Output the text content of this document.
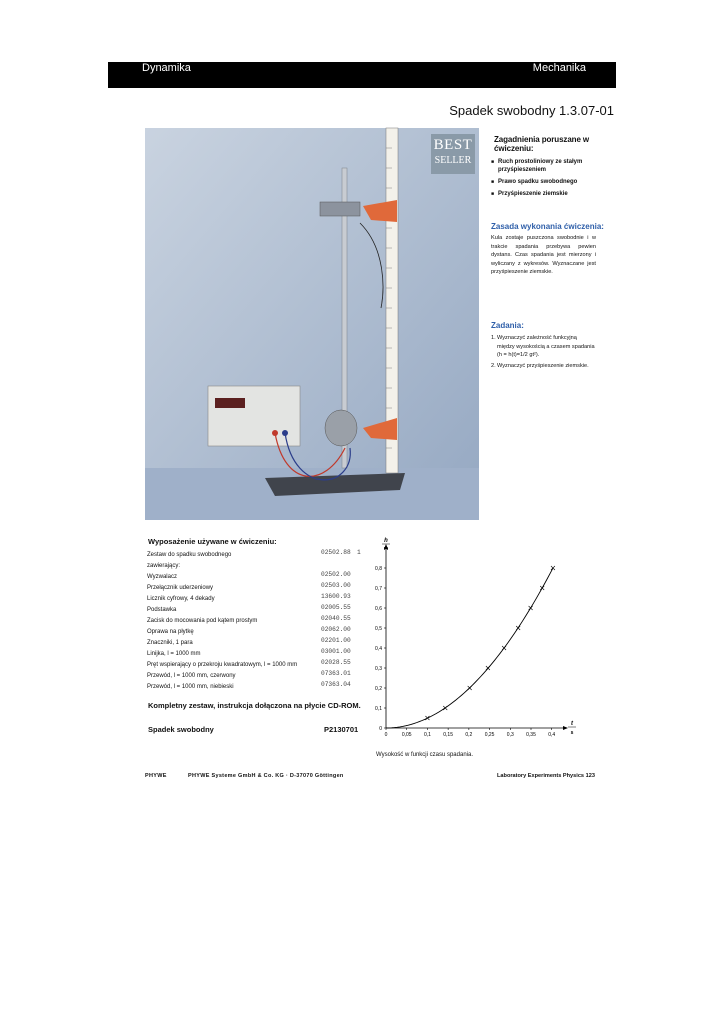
Dynamika	Mechanika
Spadek swobodny 1.3.07-01
BEST
SELLER
Zagadnienia poruszane w ćwiczeniu:
■ Ruch prostoliniowy ze stałym przyśpieszeniem
■ Prawo spadku swobodnego
■ Przyśpieszenie ziemskie
Zasada wykonania ćwiczenia:
Kula zostaje puszczona swobodnie i w trakcie spadania przebywa pewien dystans. Czas spadania jest mierzony i wyliczany z wykresów. Wyznaczane jest przyśpieszenie ziemskie.
Zadania:
1. Wyznaczyć zależność funkcyjną między wysokością a czasem spadania (h = h(t)=1/2 gt²).
2. Wyznaczyć przyśpieszenie ziemskie.
Wyposażenie używane w ćwiczeniu:
Zestaw do spadku swobodnego	02502.88 1
zawierający:
Wyzwalacz	02502.00
Przełącznik uderzeniowy	02503.00
Licznik cyfrowy, 4 dekady	13600.93
Podstawka	02005.55
Zacisk do mocowania pod kątem prostym	02040.55
Oprawa na płytkę	02062.00
Znaczniki, 1 para	02201.00
Linijka, l = 1000 mm	03001.00
Pręt wspierający o przekroju kwadratowym, l = 1000 mm	02028.55
Przewód, l = 1000 mm, czerwony	07363.01
Przewód, l = 1000 mm, niebieski	07363.04
Kompletny zestaw, instrukcja dołączona na płycie CD-ROM.
Spadek swobodny	P2130701
0	0,05 0,1 0,15 0,2 0,25 0,3 0,35 0,4
0
0,1
0,2
0,3
0,4
0,5
0,6
0,7
0,8
h
m
t
s
Wysokość w funkcji czasu spadania.
PHYWE	PHYWE Systeme GmbH & Co. KG · D-37070 Göttingen	Laboratory Experiments Physics 123
